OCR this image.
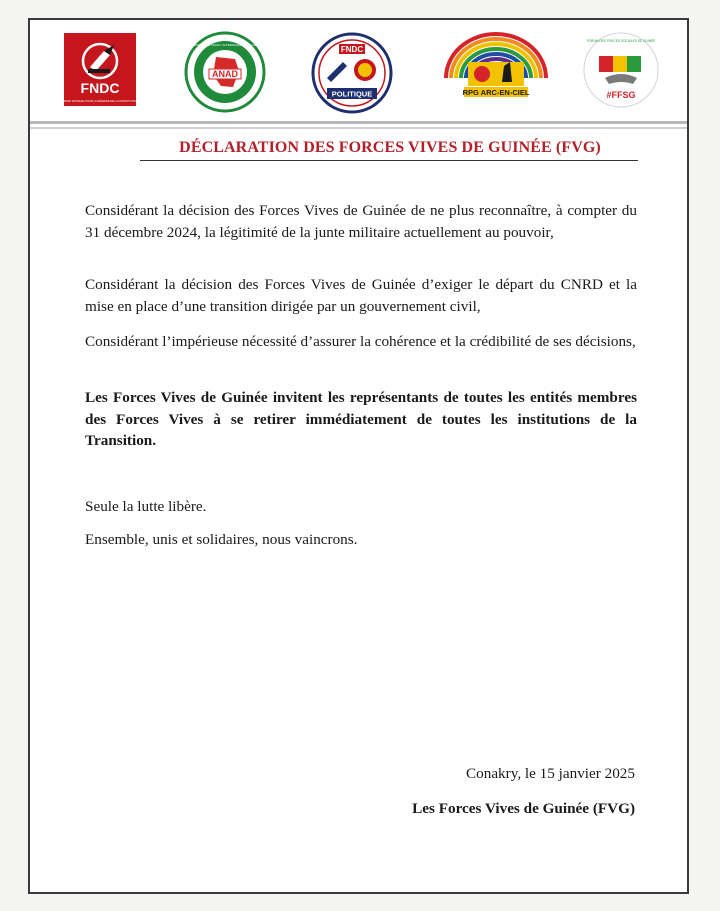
FNDC
FRONT NATIONAL POUR LA DÉFENSE DE LA CONSTITUTION
ANAD
ALLIANCE NATIONALE POUR L'ALTERNANCE ET LA DÉMOCRATIE	FNDC
POLITIQUE	RPG ARC-EN-CIEL
FORUM DES FORCES SOCIALES DE GUINÉE
#FFSG
DÉCLARATION DES FORCES VIVES DE GUINÉE (FVG)
Considérant la décision des Forces Vives de Guinée de ne plus reconnaître, à compter du 31 décembre 2024, la légitimité de la junte militaire actuellement au pouvoir,
Considérant la décision des Forces Vives de Guinée d’exiger le départ du CNRD et la mise en place d’une transition dirigée par un gouvernement civil,
Considérant l’impérieuse nécessité d’assurer la cohérence et la crédibilité de ses décisions,
Les Forces Vives de Guinée invitent les représentants de toutes les entités membres des Forces Vives à se retirer immédiatement de toutes les institutions de la Transition.
Seule la lutte libère.
Ensemble, unis et solidaires, nous vaincrons.
Conakry, le 15 janvier 2025
Les Forces Vives de Guinée (FVG)
